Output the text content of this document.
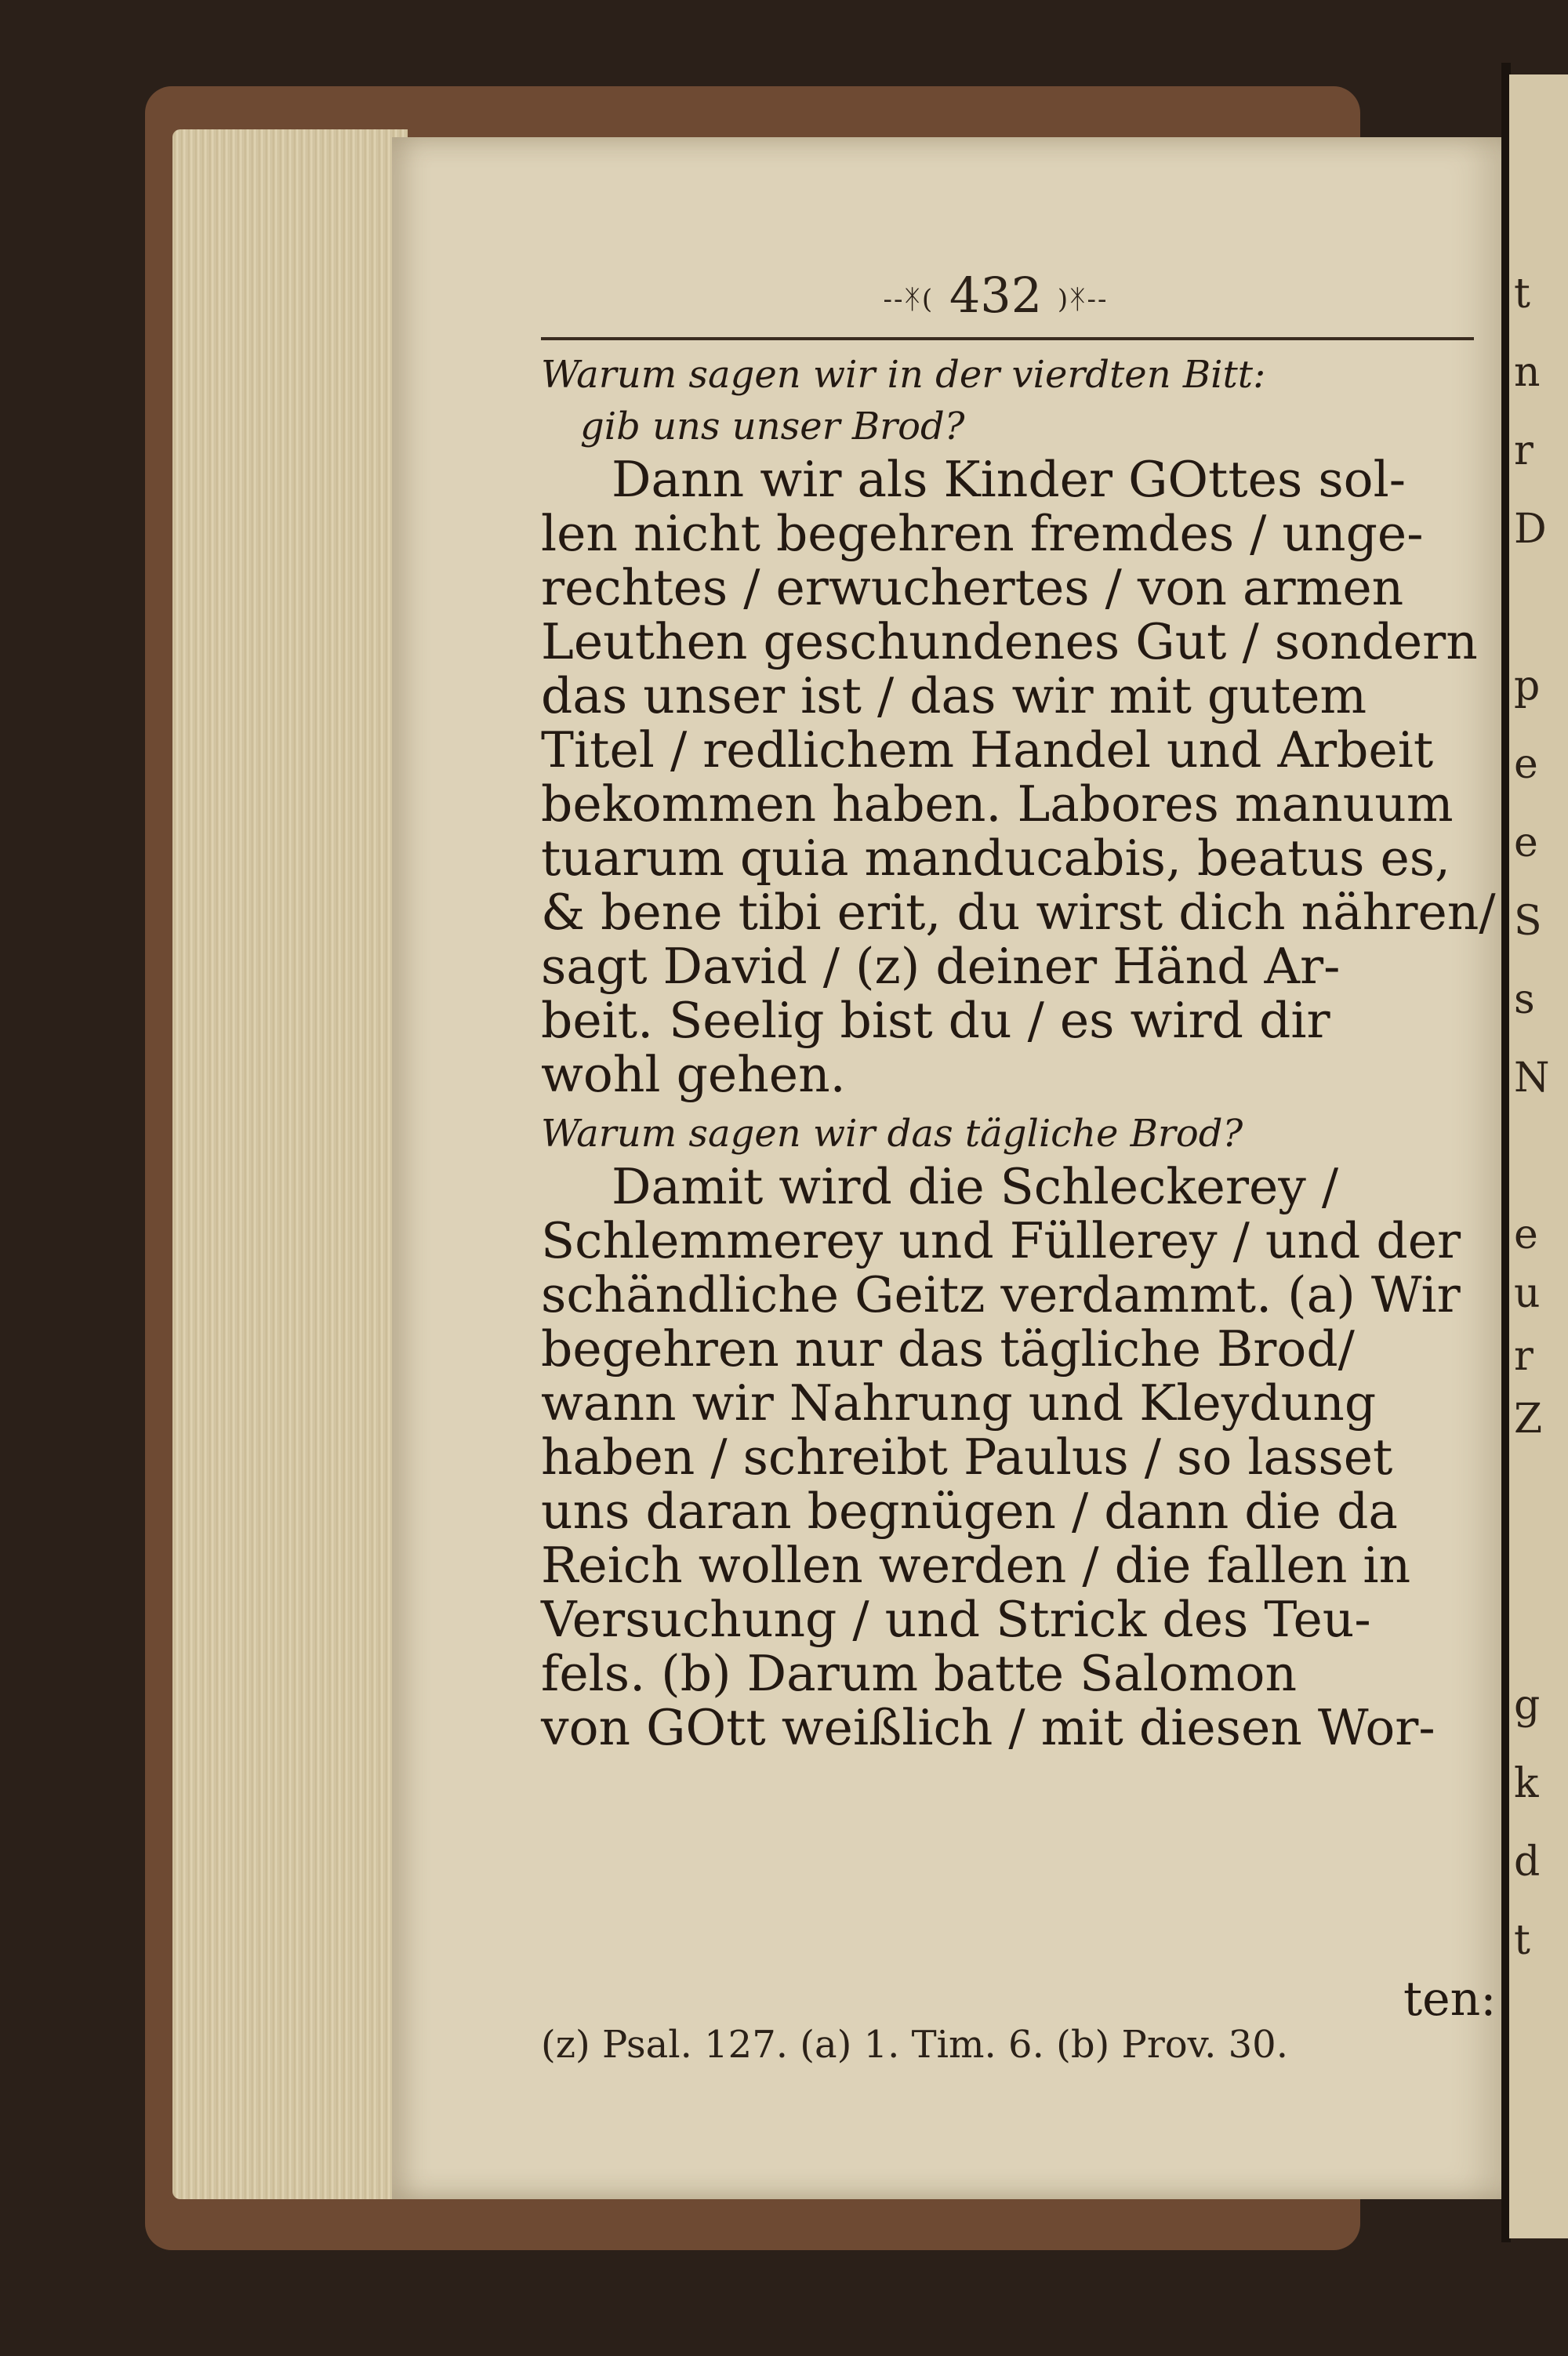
t
n
r
D
p
e
e
S
s
N
e
u
r
Z
g
k
d
t
--ᛡ( 432 )ᛡ--

Warum sagen wir in der vierdten Bitt:

gib uns unser Brod?

Dann wir als Kinder GOttes sol-

len nicht begehren fremdes / unge-

rechtes / erwuchertes / von armen

Leuthen geschundenes Gut / sondern

das unser ist / das wir mit gutem

Titel / redlichem Handel und Arbeit

bekommen haben. Labores manuum

tuarum quia manducabis, beatus es,

& bene tibi erit, du wirst dich nähren/

sagt David / (z) deiner Händ Ar-

beit. Seelig bist du / es wird dir

wohl gehen.

Warum sagen wir das tägliche Brod?

Damit wird die Schleckerey /

Schlemmerey und Füllerey / und der

schändliche Geitz verdammt. (a) Wir

begehren nur das tägliche Brod/

wann wir Nahrung und Kleydung

haben / schreibt Paulus / so lasset

uns daran begnügen / dann die da

Reich wollen werden / die fallen in

Versuchung / und Strick des Teu-

fels. (b) Darum batte Salomon

von GOtt weißlich / mit diesen Wor-

ten:
(z) Psal. 127. (a) 1. Tim. 6. (b) Prov. 30.
